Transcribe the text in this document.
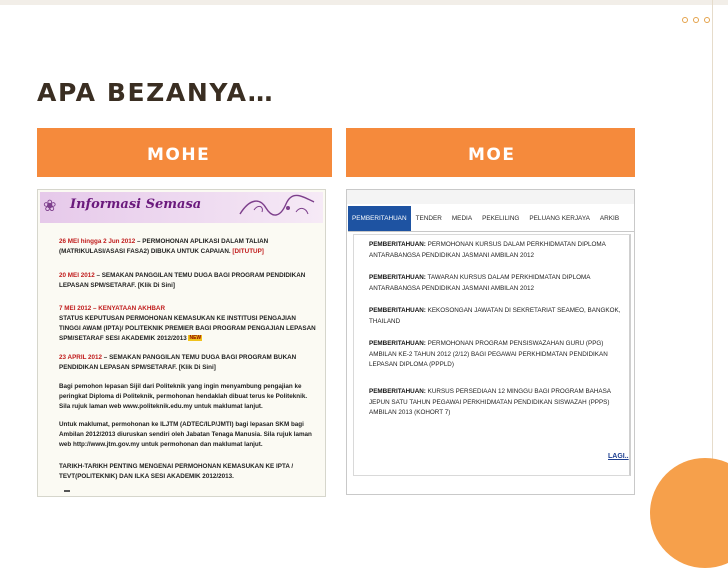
APA BEZANYA…
MOHE	MOE
❀ Informasi Semasa
26 MEI hingga 2 Jun 2012 – PERMOHONAN APLIKASI DALAM TALIAN (MATRIKULASI/ASASI FASA2) DIBUKA UNTUK CAPAIAN. [DITUTUP]
20 MEI 2012 – SEMAKAN PANGGILAN TEMU DUGA BAGI PROGRAM PENDIDIKAN LEPASAN SPM/SETARAF. [Klik Di Sini]
7 MEI 2012 – KENYATAAN AKHBAR
STATUS KEPUTUSAN PERMOHONAN KEMASUKAN KE INSTITUSI PENGAJIAN TINGGI AWAM (IPTA)/ POLITEKNIK PREMIER BAGI PROGRAM PENGAJIAN LEPASAN SPM/SETARAF SESI AKADEMIK 2012/2013 NEW
23 APRIL 2012 – SEMAKAN PANGGILAN TEMU DUGA BAGI PROGRAM BUKAN PENDIDIKAN LEPASAN SPM/SETARAF. [Klik Di Sini]
Bagi pemohon lepasan Sijil dari Politeknik yang ingin menyambung pengajian ke peringkat Diploma di Politeknik, permohonan hendaklah dibuat terus ke Politeknik. Sila rujuk laman web www.politeknik.edu.my untuk maklumat lanjut.
Untuk maklumat, permohonan ke ILJTM (ADTEC/ILP/JMTI) bagi lepasan SKM bagi Ambilan 2012/2013 diuruskan sendiri oleh Jabatan Tenaga Manusia. Sila rujuk laman web http://www.jtm.gov.my untuk permohonan dan maklumat lanjut.
TARIKH-TARIKH PENTING MENGENAI PERMOHONAN KEMASUKAN KE IPTA / TEVT(POLITEKNIK) DAN ILKA SESI AKADEMIK 2012/2013.
PEMBERITAHUAN	TENDER	MEDIA	PEKELILING	PELUANG KERJAYA	ARKIB
PEMBERITAHUAN: PERMOHONAN KURSUS DALAM PERKHIDMATAN DIPLOMA ANTARABANGSA PENDIDIKAN JASMANI AMBILAN 2012
PEMBERITAHUAN: TAWARAN KURSUS DALAM PERKHIDMATAN DIPLOMA ANTARABANGSA PENDIDIKAN JASMANI AMBILAN 2012
PEMBERITAHUAN: KEKOSONGAN JAWATAN DI SEKRETARIAT SEAMEO, BANGKOK, THAILAND
PEMBERITAHUAN: PERMOHONAN PROGRAM PENSISWAZAHAN GURU (PPG) AMBILAN KE-2 TAHUN 2012 (2/12) BAGI PEGAWAI PERKHIDMATAN PENDIDIKAN LEPASAN DIPLOMA (PPPLD)
PEMBERITAHUAN: KURSUS PERSEDIAAN 12 MINGGU BAGI PROGRAM BAHASA JEPUN SATU TAHUN PEGAWAI PERKHIDMATAN PENDIDIKAN SISWAZAH (PPPS) AMBILAN 2013 (KOHORT 7)
LAGI..
